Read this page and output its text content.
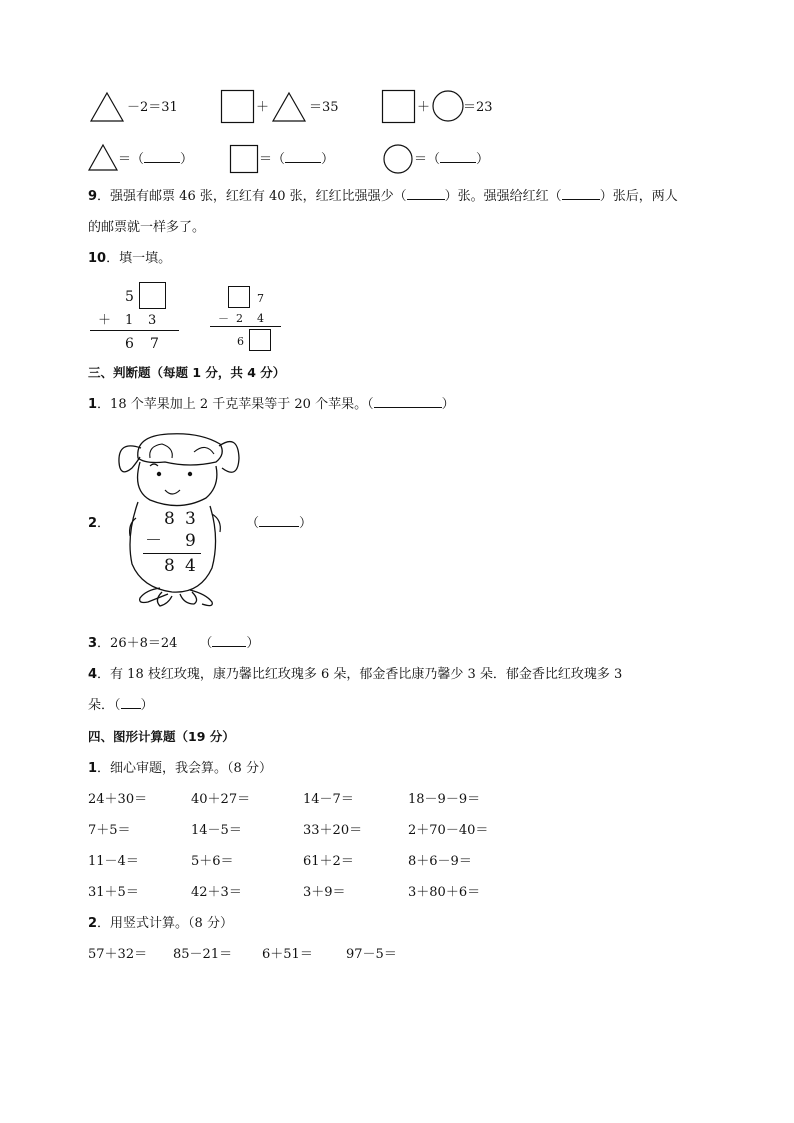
－2＝31	＋	＝35	＋	＝23
＝（	）	＝（	）	＝（	）
9．强强有邮票 46 张，红红有 40 张，红红比强强少（	）张。强强给红红（	）张后，两人
的邮票就一样多了。
10．填一填。
5
＋ 1 3
6 7
7
－ 2 4
6
三、判断题（每题 1 分，共 4 分）
1．18 个苹果加上 2 千克苹果等于 20 个苹果。（	）
8 3
－ 9
8 4
2．	（	）
3．26＋8＝24 （	）
4．有 18 枝红玫瑰，康乃馨比红玫瑰多 6 朵，郁金香比康乃馨少 3 朵．郁金香比红玫瑰多 3
朵．（ ）
四、图形计算题（19 分）
1．细心审题，我会算。（8 分）
24＋30＝	40＋27＝	14－7＝	18－9－9＝
7＋5＝	14－5＝	33＋20＝	2＋70－40＝
11－4＝	5＋6＝	61＋2＝	8＋6－9＝
31＋5＝	42＋3＝	3＋9＝	3＋80＋6＝
2．用竖式计算。（8 分）
57＋32＝ 85－21＝ 6＋51＝	97－5＝
